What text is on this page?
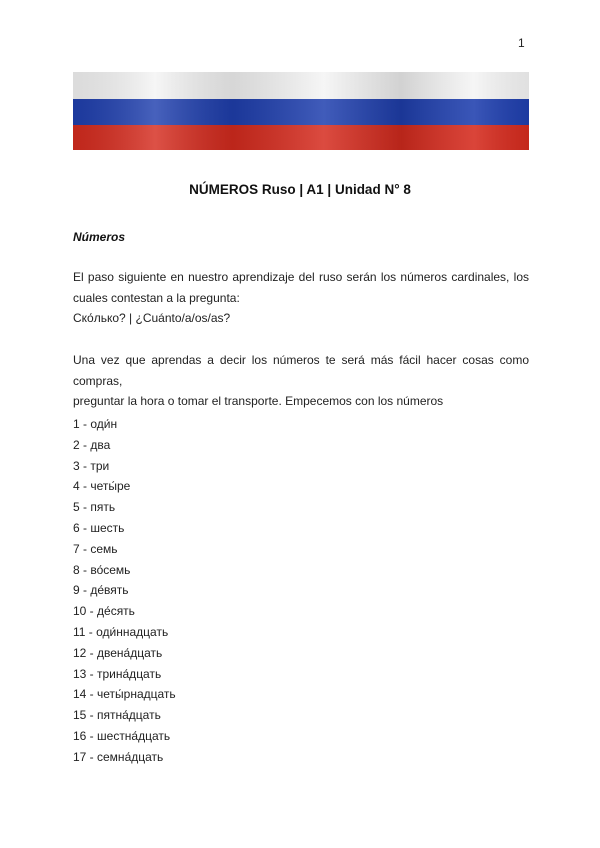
1
NÚMEROS Ruso | A1 | Unidad N° 8
Números
El paso siguiente en nuestro aprendizaje del ruso serán los números cardinales, los
cuales contestan a la pregunta:
Ско́лько? | ¿Cuánto/a/os/as?
Una vez que aprendas a decir los números te será más fácil hacer cosas como compras,
preguntar la hora o tomar el transporte. Empecemos con los números
1 - оди́н
2 - два
3 - три
4 - четы́ре
5 - пять
6 - шесть
7 - семь
8 - во́семь
9 - де́вять
10 - де́сять
11 - оди́ннадцать
12 - двена́дцать
13 - трина́дцать
14 - четы́рнадцать
15 - пятна́дцать
16 - шестна́дцать
17 - семна́дцать
